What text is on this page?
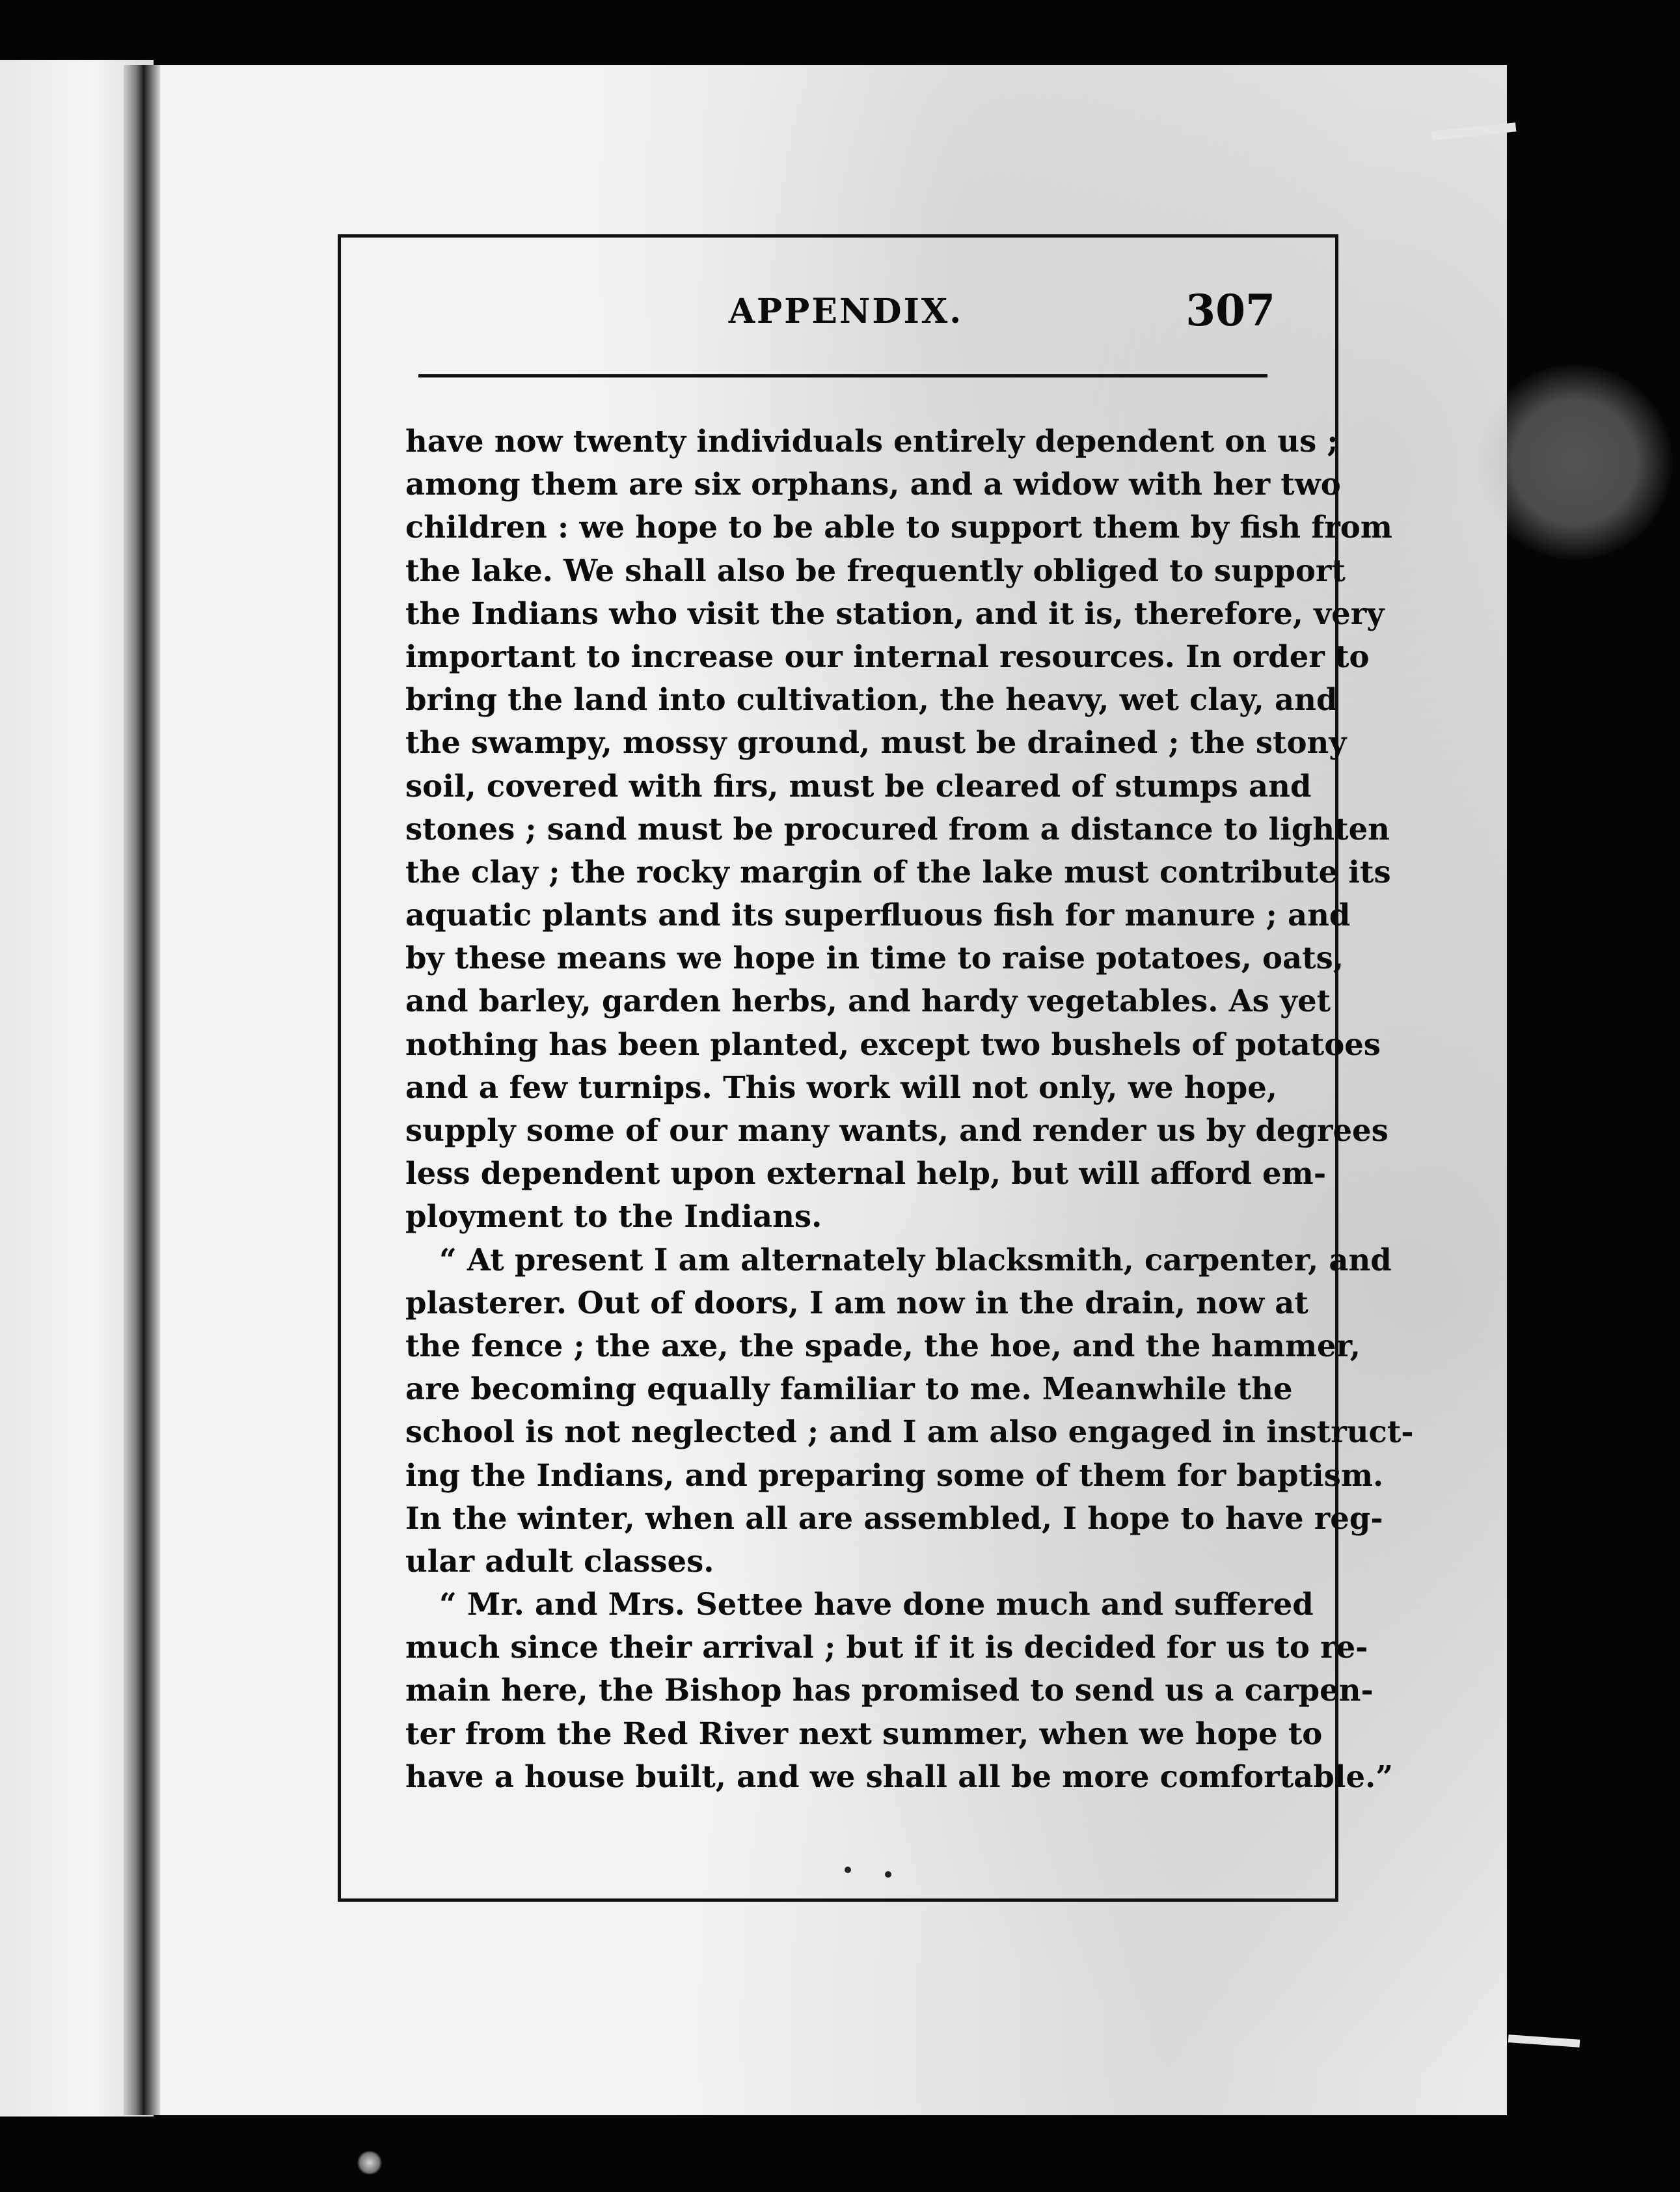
APPENDIX.	307
have now twenty individuals entirely dependent on us ;
among them are six orphans, and a widow with her two
children : we hope to be able to support them by fish from
the lake. We shall also be frequently obliged to support
the Indians who visit the station, and it is, therefore, very
important to increase our internal resources. In order to
bring the land into cultivation, the heavy, wet clay, and
the swampy, mossy ground, must be drained ; the stony
soil, covered with firs, must be cleared of stumps and
stones ; sand must be procured from a distance to lighten
the clay ; the rocky margin of the lake must contribute its
aquatic plants and its superfluous fish for manure ; and
by these means we hope in time to raise potatoes, oats,
and barley, garden herbs, and hardy vegetables. As yet
nothing has been planted, except two bushels of potatoes
and a few turnips. This work will not only, we hope,
supply some of our many wants, and render us by degrees
less dependent upon external help, but will afford em-
ployment to the Indians.
“ At present I am alternately blacksmith, carpenter, and
plasterer. Out of doors, I am now in the drain, now at
the fence ; the axe, the spade, the hoe, and the hammer,
are becoming equally familiar to me. Meanwhile the
school is not neglected ; and I am also engaged in instruct-
ing the Indians, and preparing some of them for baptism.
In the winter, when all are assembled, I hope to have reg-
ular adult classes.
“ Mr. and Mrs. Settee have done much and suffered
much since their arrival ; but if it is decided for us to re-
main here, the Bishop has promised to send us a carpen-
ter from the Red River next summer, when we hope to
have a house built, and we shall all be more comfortable.”
